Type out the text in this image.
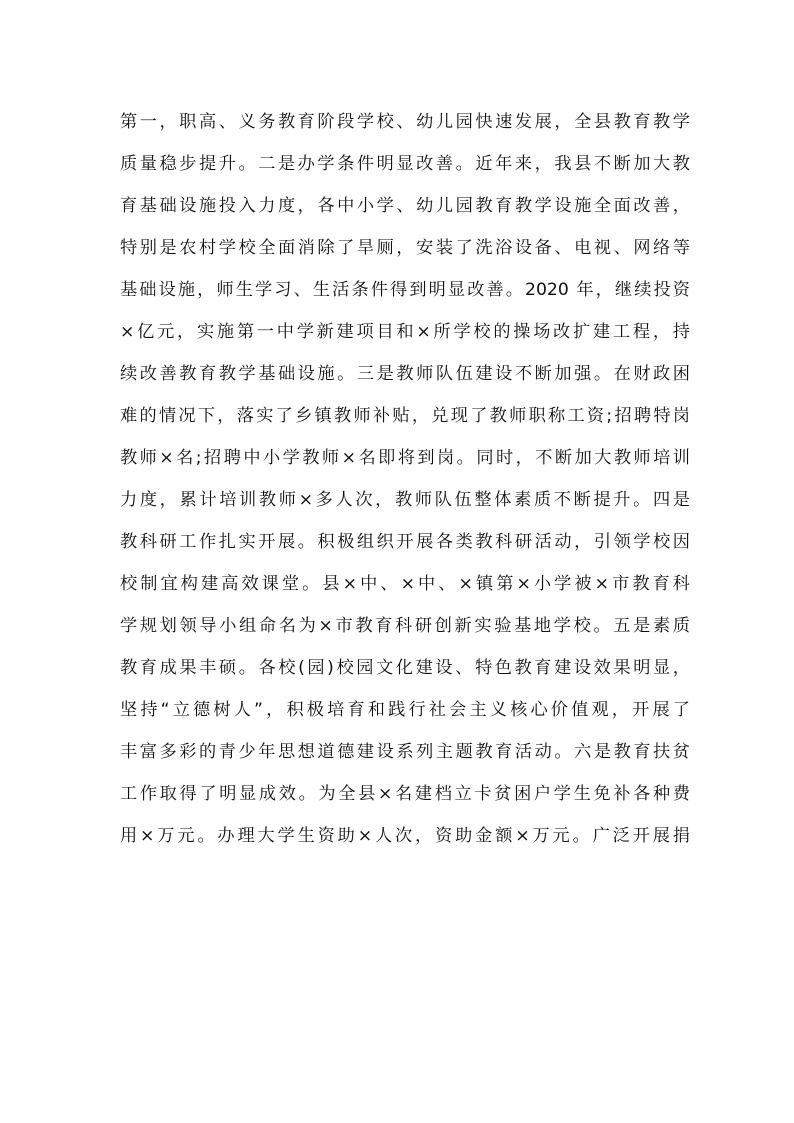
第一，职高、义务教育阶段学校、幼儿园快速发展，全县教育教学
质量稳步提升。二是办学条件明显改善。近年来，我县不断加大教
育基础设施投入力度，各中小学、幼儿园教育教学设施全面改善，
特别是农村学校全面消除了旱厕，安装了洗浴设备、电视、网络等
基础设施，师生学习、生活条件得到明显改善。2020 年，继续投资
×亿元，实施第一中学新建项目和×所学校的操场改扩建工程，持
续改善教育教学基础设施。三是教师队伍建设不断加强。在财政困
难的情况下，落实了乡镇教师补贴，兑现了教师职称工资;招聘特岗
教师×名;招聘中小学教师×名即将到岗。同时，不断加大教师培训
力度，累计培训教师×多人次，教师队伍整体素质不断提升。四是
教科研工作扎实开展。积极组织开展各类教科研活动，引领学校因
校制宜构建高效课堂。县×中、×中、×镇第×小学被×市教育科
学规划领导小组命名为×市教育科研创新实验基地学校。五是素质
教育成果丰硕。各校(园)校园文化建设、特色教育建设效果明显，
坚持“立德树人”，积极培育和践行社会主义核心价值观，开展了
丰富多彩的青少年思想道德建设系列主题教育活动。六是教育扶贫
工作取得了明显成效。为全县×名建档立卡贫困户学生免补各种费
用×万元。办理大学生资助×人次，资助金额×万元。广泛开展捐
